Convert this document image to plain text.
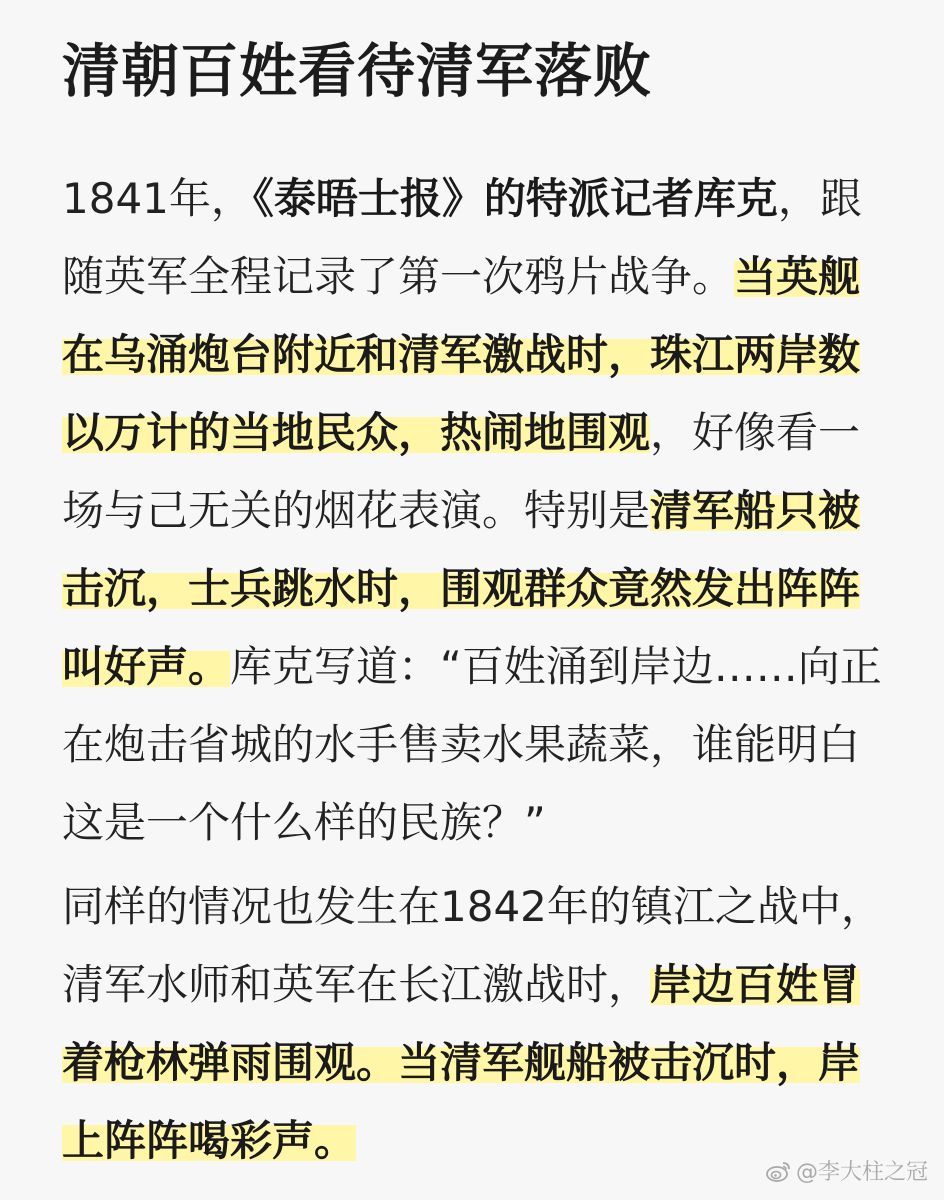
清朝百姓看待清军落败
1841年，《泰晤士报》的特派记者库克，跟
随英军全程记录了第一次鸦片战争。当英舰
在乌涌炮台附近和清军激战时，珠江两岸数
以万计的当地民众，热闹地围观，好像看一
场与己无关的烟花表演。特别是清军船只被
击沉，士兵跳水时，围观群众竟然发出阵阵
叫好声。库克写道：“百姓涌到岸边……向正
在炮击省城的水手售卖水果蔬菜，谁能明白
这是一个什么样的民族？”
同样的情况也发生在1842年的镇江之战中，
清军水师和英军在长江激战时，岸边百姓冒
着枪林弹雨围观。当清军舰船被击沉时，岸
上阵阵喝彩声。
@李大柱之冠
